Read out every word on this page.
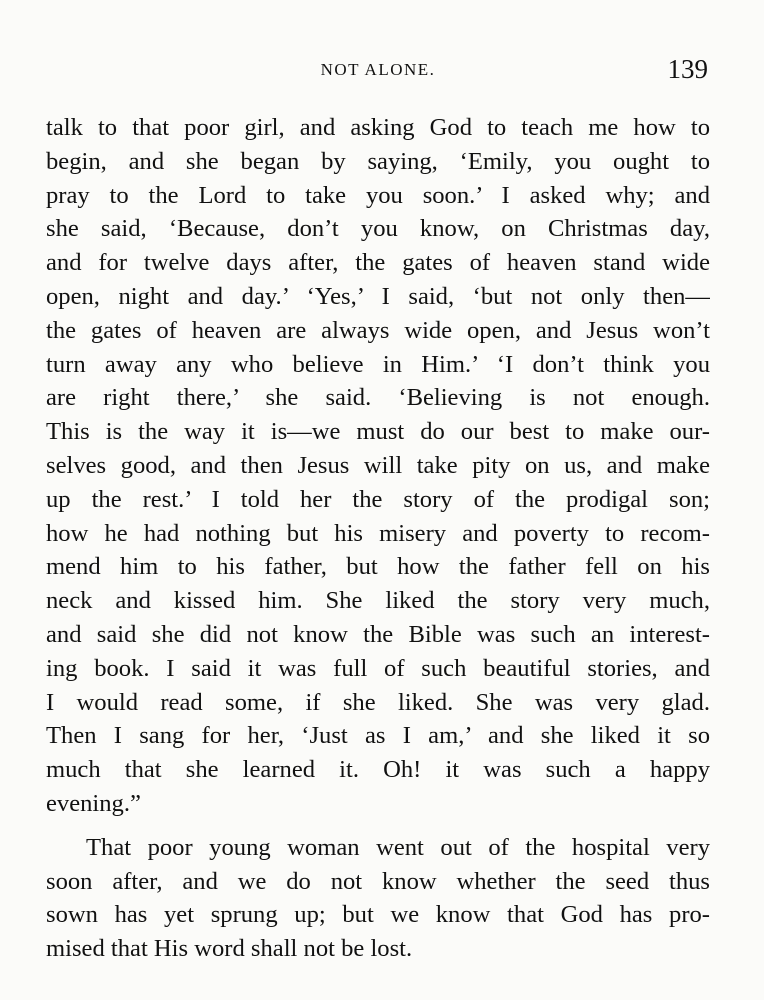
NOT ALONE.	139
talk to that poor girl, and asking God to teach me how to
begin, and she began by saying, ‘Emily, you ought to
pray to the Lord to take you soon.’ I asked why; and
she said, ‘Because, don’t you know, on Christmas day,
and for twelve days after, the gates of heaven stand wide
open, night and day.’ ‘Yes,’ I said, ‘but not only then—
the gates of heaven are always wide open, and Jesus won’t
turn away any who believe in Him.’ ‘I don’t think you
are right there,’ she said. ‘Believing is not enough.
This is the way it is—we must do our best to make our-
selves good, and then Jesus will take pity on us, and make
up the rest.’ I told her the story of the prodigal son;
how he had nothing but his misery and poverty to recom-
mend him to his father, but how the father fell on his
neck and kissed him. She liked the story very much,
and said she did not know the Bible was such an interest-
ing book. I said it was full of such beautiful stories, and
I would read some, if she liked. She was very glad.
Then I sang for her, ‘Just as I am,’ and she liked it so
much that she learned it. Oh! it was such a happy
evening.”
That poor young woman went out of the hospital very
soon after, and we do not know whether the seed thus
sown has yet sprung up; but we know that God has pro-
mised that His word shall not be lost.
